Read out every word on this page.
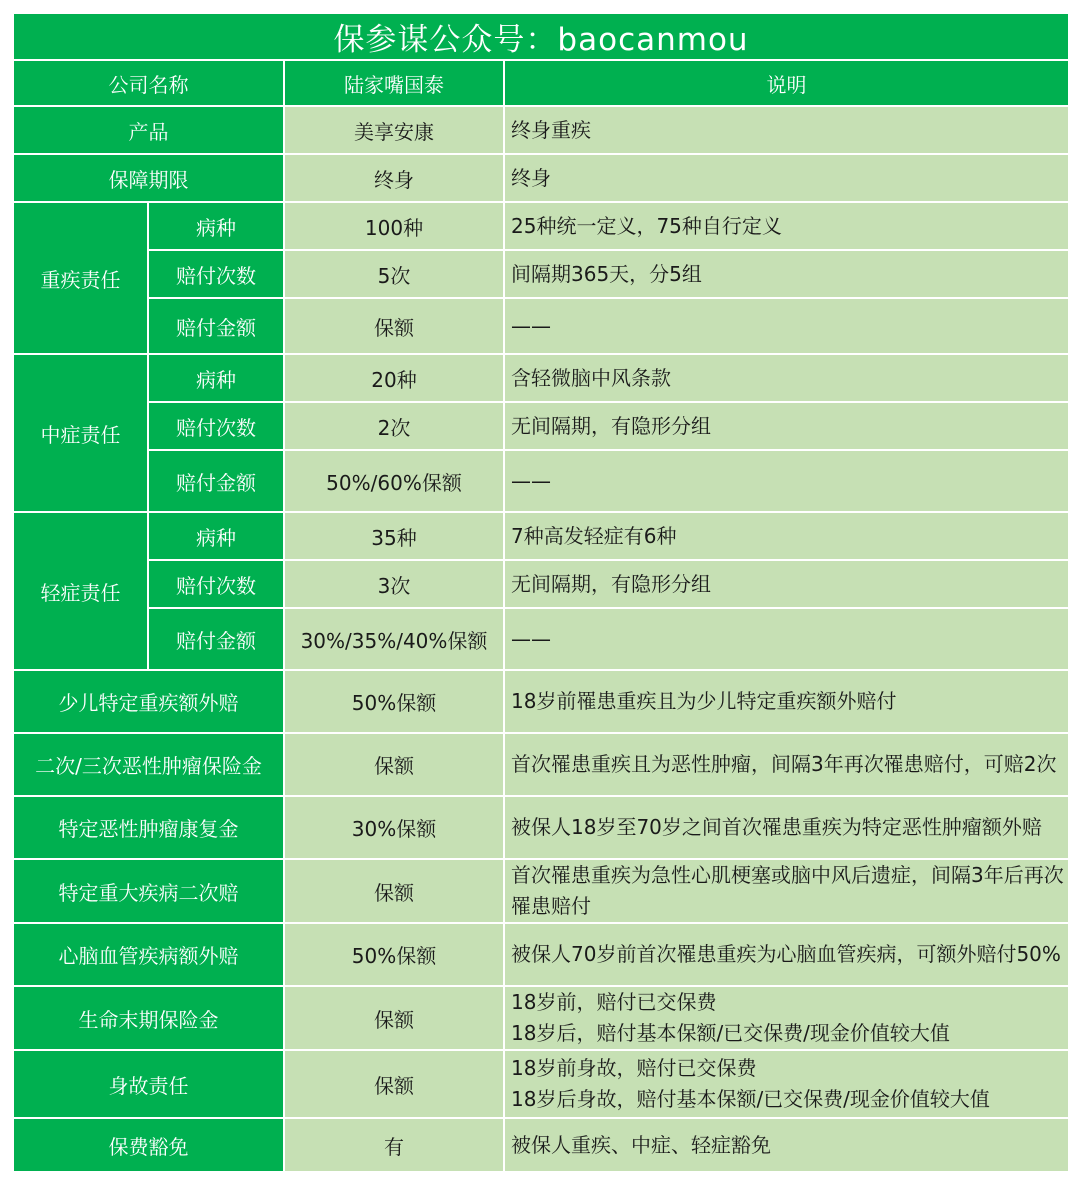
保参谋公众号：baocanmou			
公司名称		陆家嘴国泰	说明
产品		美享安康	终身重疾
保障期限		终身	终身
重疾责任	病种	100种	25种统一定义，75种自行定义
	赔付次数	5次	间隔期365天，分5组
	赔付金额	保额	——
中症责任	病种	20种	含轻微脑中风条款
	赔付次数	2次	无间隔期，有隐形分组
	赔付金额	50%/60%保额	——
轻症责任	病种	35种	7种高发轻症有6种
	赔付次数	3次	无间隔期，有隐形分组
	赔付金额	30%/35%/40%保额	——
少儿特定重疾额外赔		50%保额	18岁前罹患重疾且为少儿特定重疾额外赔付
二次/三次恶性肿瘤保险金		保额	首次罹患重疾且为恶性肿瘤，间隔3年再次罹患赔付，可赔2次
特定恶性肿瘤康复金		30%保额	被保人18岁至70岁之间首次罹患重疾为特定恶性肿瘤额外赔
特定重大疾病二次赔		保额	首次罹患重疾为急性心肌梗塞或脑中风后遗症，间隔3年后再次
罹患赔付

心脑血管疾病额外赔		50%保额	被保人70岁前首次罹患重疾为心脑血管疾病，可额外赔付50%
生命末期保险金		保额	18岁前，赔付已交保费
18岁后，赔付基本保额/已交保费/现金价值较大值

身故责任		保额	18岁前身故，赔付已交保费
18岁后身故，赔付基本保额/已交保费/现金价值较大值

保费豁免		有	被保人重疾、中症、轻症豁免
